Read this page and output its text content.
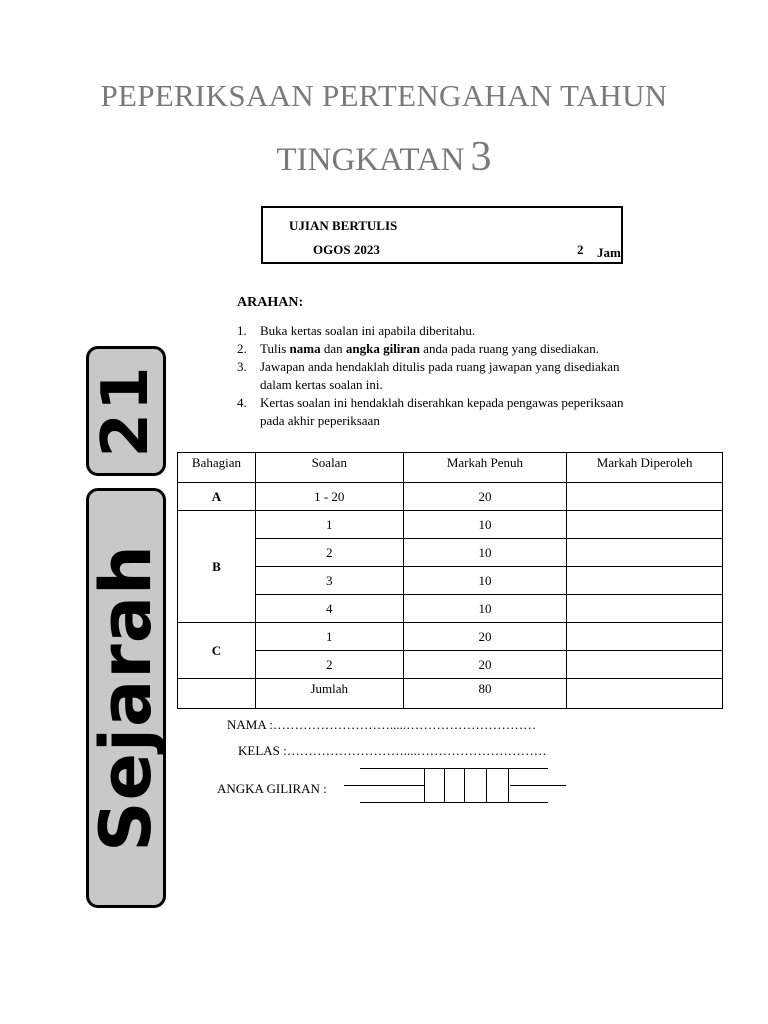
PEPERIKSAAN PERTENGAHAN TAHUN
TINGKATAN 3
UJIAN BERTULIS
OGOS 2023	2 Jam
ARAHAN:
1. Buka kertas soalan ini apabila diberitahu.
2. Tulis nama dan angka giliran anda pada ruang yang disediakan.
3. Jawapan anda hendaklah ditulis pada ruang jawapan yang disediakan
dalam kertas soalan ini.
4. Kertas soalan ini hendaklah diserahkan kepada pengawas peperiksaan
pada akhir peperiksaan
21
Sejarah
Bahagian	Soalan	Markah Penuh	Markah Diperoleh
A	1 - 20	20	
B	1	10	
	2	10	
	3	10	
	4	10	
C	1	20	
	2	20	
	Jumlah	80	
NAMA :……………………….....…………………………
KELAS :………………………....…………………………
ANGKA GILIRAN :
